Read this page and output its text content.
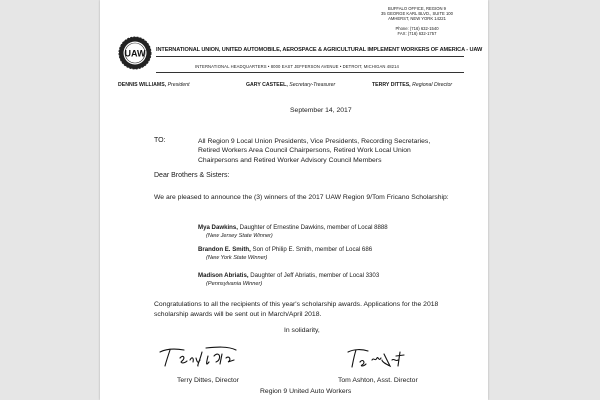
BUFFALO OFFICE, REGION 9
35 GEORGE KARL BLVD., SUITE 100
AMHERST, NEW YORK 14221

Phone: (716) 632-1540
FAX: (716) 632-1757
UAW INTERNATIONAL UNION, UNITED AUTOMOBILE, AEROSPACE & AGRICULTURAL IMPLEMENT WORKERS OF AMERICA - UAW
INTERNATIONAL HEADQUARTERS • 8000 EAST JEFFERSON AVENUE • DETROIT, MICHIGAN 48214
DENNIS WILLIAMS, President	GARY CASTEEL, Secretary-Treasurer	TERRY DITTES, Regional Director
September 14, 2017
TO:	All Region 9 Local Union Presidents, Vice Presidents, Recording Secretaries,
Retired Workers Area Council Chairpersons, Retired Work Local Union
Chairpersons and Retired Worker Advisory Council Members
Dear Brothers & Sisters:
We are pleased to announce the (3) winners of the 2017 UAW Region 9/Tom Fricano Scholarship:
Mya Dawkins, Daughter of Ernestine Dawkins, member of Local 8888
(New Jersey State Winner)
Brandon E. Smith, Son of Philip E. Smith, member of Local 686
(New York State Winner)
Madison Abriatis, Daughter of Jeff Abriatis, member of Local 3303
(Pennsylvania Winner)
Congratulations to all the recipients of this year's scholarship awards. Applications for the 2018 scholarship awards will be sent out in March/April 2018.
In solidarity,
Terry Dittes, Director	Tom Ashton, Asst. Director
Region 9 United Auto Workers
